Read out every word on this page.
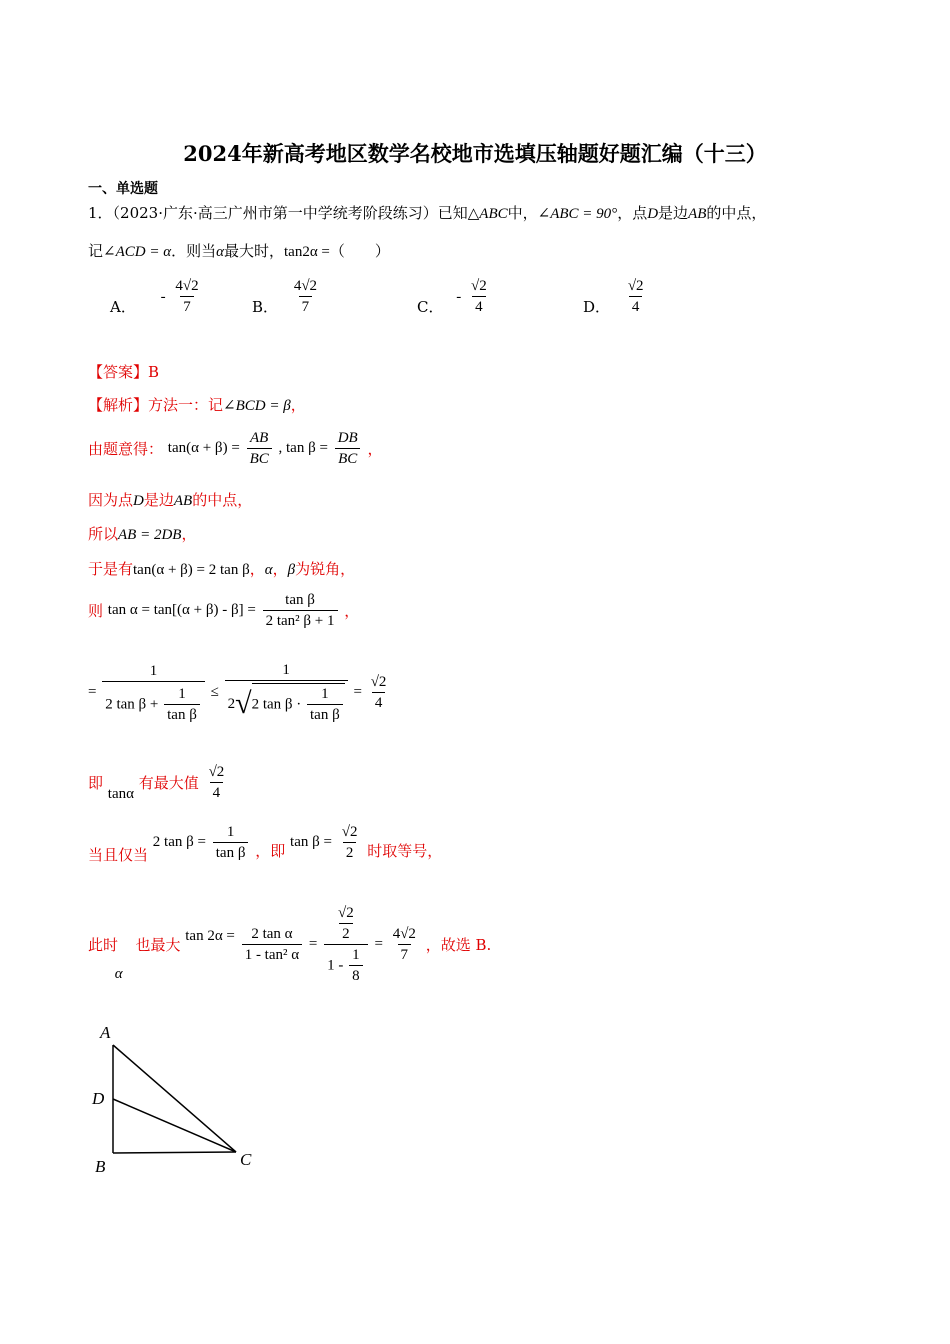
2024年新高考地区数学名校地市选填压轴题好题汇编（十三）
一、单选题
1．（2023·广东·高三广州市第一中学统考阶段练习）已知△ABC中，∠ABC = 90°，点D是边AB的中点，
记∠ACD = α．则当α最大时，tan2α =（　　）
A． - $\frac{4√2}{7}$	B． $\frac{4√2}{7}$	C． - $\frac{√2}{4}$	D． $\frac{√2}{4}$
【答案】B
【解析】方法一：记∠BCD = β，
由题意得： $\tan(\alpha + \beta) = \frac{AB}{BC}$ , $\tan \beta = \frac{DB}{BC}$ ，
因为点D是边AB的中点，
所以AB = 2DB，
于是有tan(α + β) = 2 tan β，α，β为锐角，
则 $\tan \alpha = \tan[(\alpha + \beta) - \beta] = \frac{\text{tan β}}{\text{2 tan² β + 1}}$ ，
= $\frac{1}{2 \tan \beta + \frac{1}{\text{tan β}}} \le \frac{1}{2√2 \tan \beta \cdot \frac{1}{\text{tan β}}} = \frac{√2}{4}$
即 tanα 有最大值 $\frac{√2}{4}$
当且仅当 2 $\tan \beta = \frac{1}{\text{tan β}}$ ，即 $\tan \beta = \frac{√2}{2}$ 时取等号，
此时 α 也最大 $\tan 2\alpha = \frac{\text{2 tan α}}{\text{1 - tan² α}} = \frac{\frac{√2}{2}}{1 - \frac{1}{8}} = \frac{4√2}{7}$ ，故选 B.
A
D
B	C
